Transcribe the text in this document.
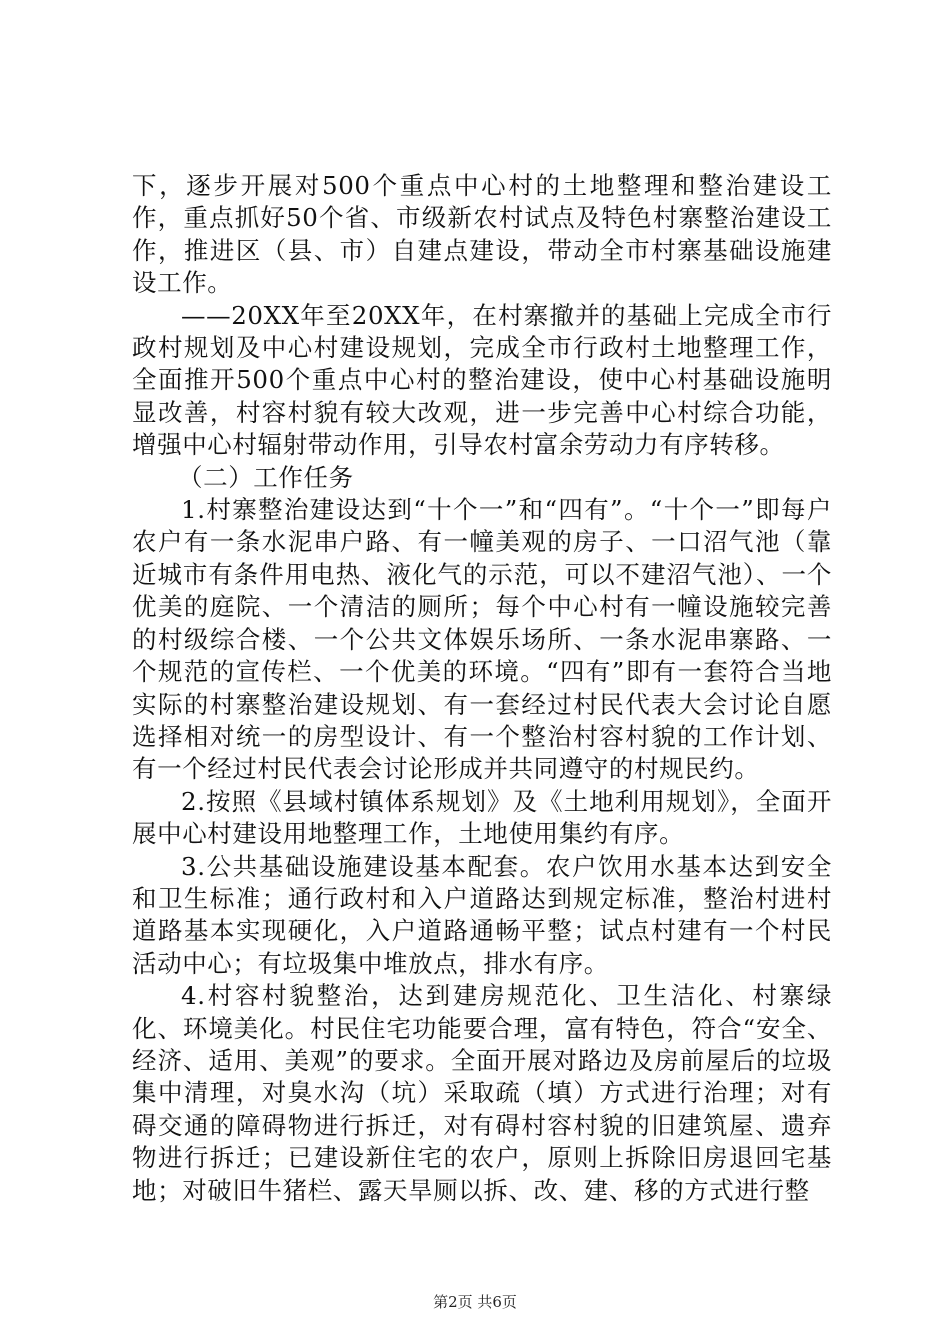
下，逐步开展对500个重点中心村的土地整理和整治建设工作，重点抓好50个省、市级新农村试点及特色村寨整治建设工作，推进区（县、市）自建点建设，带动全市村寨基础设施建设工作。

——20XX年至20XX年，在村寨撤并的基础上完成全市行政村规划及中心村建设规划，完成全市行政村土地整理工作，全面推开500个重点中心村的整治建设，使中心村基础设施明显改善，村容村貌有较大改观，进一步完善中心村综合功能，增强中心村辐射带动作用，引导农村富余劳动力有序转移。

（二）工作任务

1.村寨整治建设达到“十个一”和“四有”。“十个一”即每户农户有一条水泥串户路、有一幢美观的房子、一口沼气池（靠近城市有条件用电热、液化气的示范，可以不建沼气池）、一个优美的庭院、一个清洁的厕所；每个中心村有一幢设施较完善的村级综合楼、一个公共文体娱乐场所、一条水泥串寨路、一个规范的宣传栏、一个优美的环境。“四有”即有一套符合当地实际的村寨整治建设规划、有一套经过村民代表大会讨论自愿选择相对统一的房型设计、有一个整治村容村貌的工作计划、有一个经过村民代表会讨论形成并共同遵守的村规民约。

2.按照《县域村镇体系规划》及《土地利用规划》，全面开展中心村建设用地整理工作，土地使用集约有序。

3.公共基础设施建设基本配套。农户饮用水基本达到安全和卫生标准；通行政村和入户道路达到规定标准，整治村进村道路基本实现硬化，入户道路通畅平整；试点村建有一个村民活动中心；有垃圾集中堆放点，排水有序。

4.村容村貌整治，达到建房规范化、卫生洁化、村寨绿化、环境美化。村民住宅功能要合理，富有特色，符合“安全、经济、适用、美观”的要求。全面开展对路边及房前屋后的垃圾集中清理，对臭水沟（坑）采取疏（填）方式进行治理；对有碍交通的障碍物进行拆迁，对有碍村容村貌的旧建筑屋、遗弃物进行拆迁；已建设新住宅的农户，原则上拆除旧房退回宅基地；对破旧牛猪栏、露天旱厕以拆、改、建、移的方式进行整

第2页 共6页
